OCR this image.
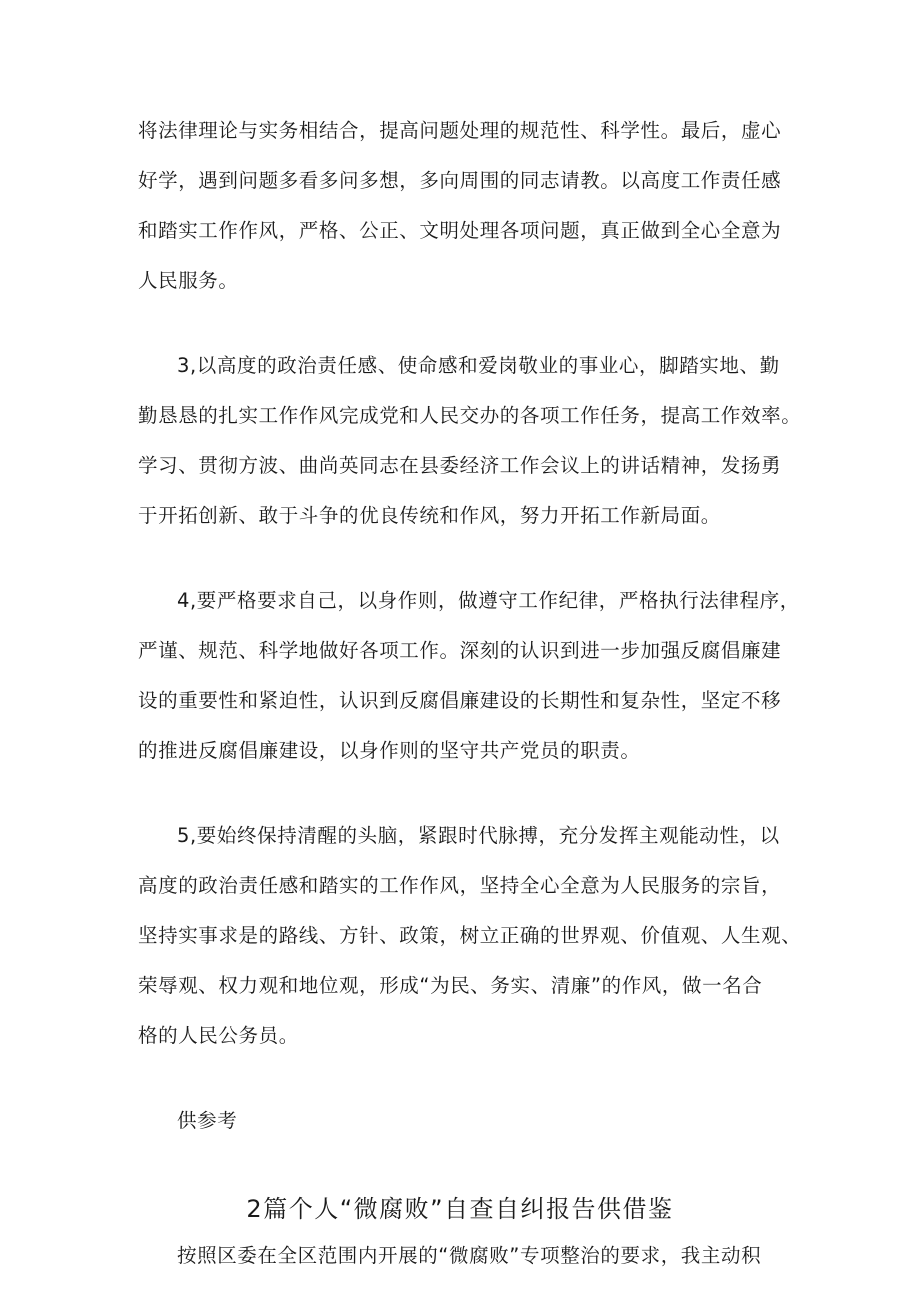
将法律理论与实务相结合，提高问题处理的规范性、科学性。最后，虚心
好学，遇到问题多看多问多想，多向周围的同志请教。以高度工作责任感
和踏实工作作风，严格、公正、文明处理各项问题，真正做到全心全意为
人民服务。
3,以高度的政治责任感、使命感和爱岗敬业的事业心，脚踏实地、勤
勤恳恳的扎实工作作风完成党和人民交办的各项工作任务，提高工作效率。
学习、贯彻方波、曲尚英同志在县委经济工作会议上的讲话精神，发扬勇
于开拓创新、敢于斗争的优良传统和作风，努力开拓工作新局面。
4,要严格要求自己，以身作则，做遵守工作纪律，严格执行法律程序，
严谨、规范、科学地做好各项工作。深刻的认识到进一步加强反腐倡廉建
设的重要性和紧迫性，认识到反腐倡廉建设的长期性和复杂性，坚定不移
的推进反腐倡廉建设，以身作则的坚守共产党员的职责。
5,要始终保持清醒的头脑，紧跟时代脉搏，充分发挥主观能动性，以
高度的政治责任感和踏实的工作作风，坚持全心全意为人民服务的宗旨，
坚持实事求是的路线、方针、政策，树立正确的世界观、价值观、人生观、
荣辱观、权力观和地位观，形成“为民、务实、清廉”的作风，做一名合
格的人民公务员。
供参考
2篇个人“微腐败”自查自纠报告供借鉴
按照区委在全区范围内开展的“微腐败”专项整治的要求，我主动积
